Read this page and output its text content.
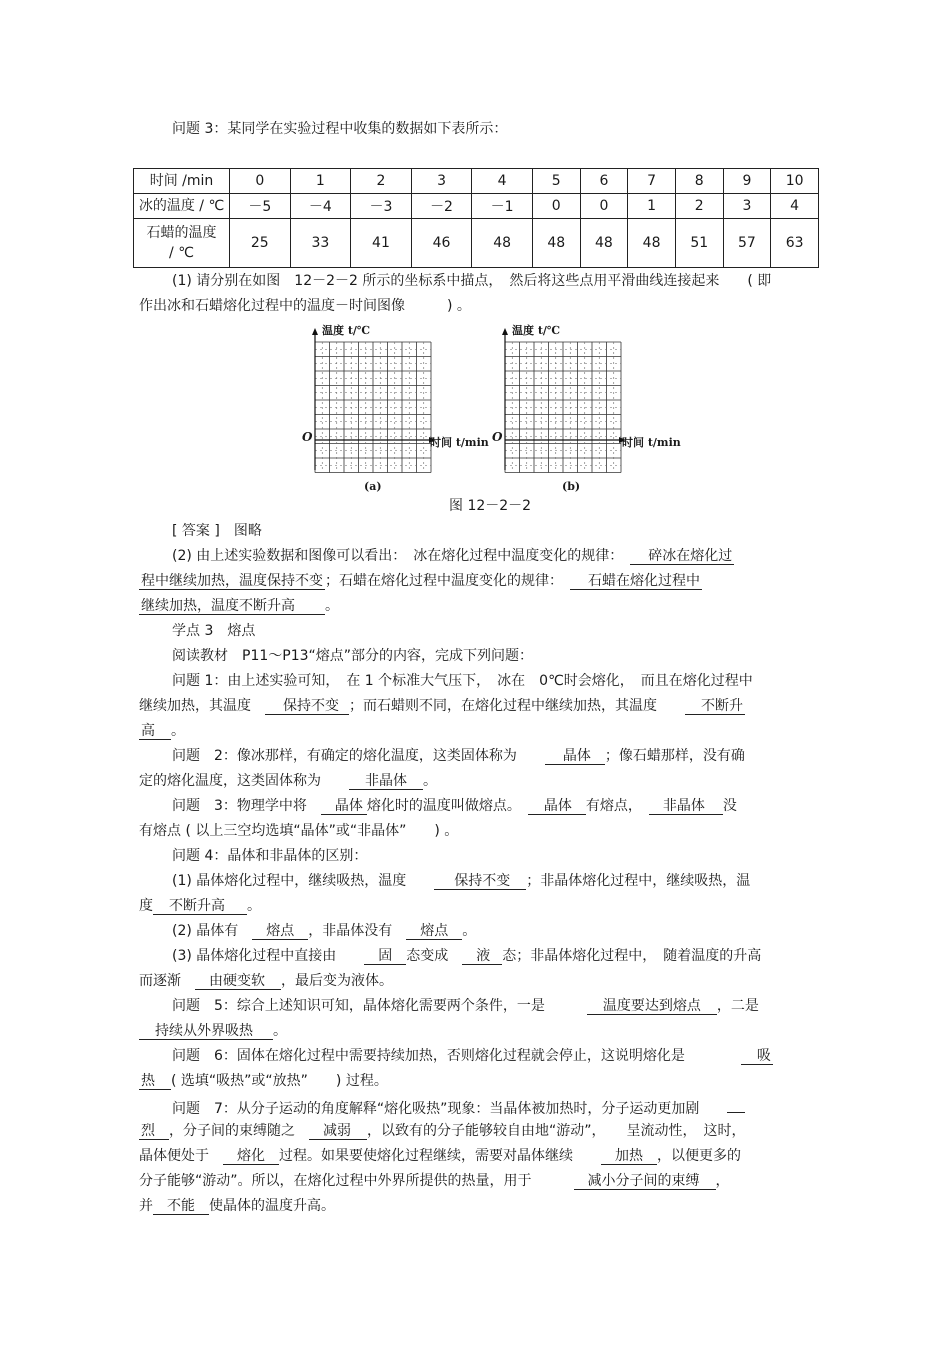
问题 3：某同学在实验过程中收集的数据如下表所示：
时间 /min	0	1	2	3	4	5	6	7	8	9	10
冰的温度 / ℃	－5	－4	－3	－2	－1	0	0	1	2	3	4
石蜡的温度
/ ℃	25	33	41	46	48	48	48	48	51	57	63
(1) 请分别在如图　12－2－2 所示的坐标系中描点，　然后将这些点用平滑曲线连接起来　　( 即
作出冰和石蜡熔化过程中的温度－时间图像　　　) 。
温度 t/℃
时间 t/min
O
(a)
温度 t/℃
时间 t/min
O
(b)
图 12－2－2
[ 答案 ]　图略
(2) 由上述实验数据和图像可以看出：　冰在熔化过程中温度变化的规律：　碎冰在熔化过
程中继续加热，温度保持不变 ；石蜡在熔化过程中温度变化的规律：　石蜡在熔化过程中
继续加热，温度不断升高 。
学点 3　熔点
阅读教材　P11～P13“熔点”部分的内容，完成下列问题：
问题 1：由上述实验可知，　在 1 个标准大气压下，　冰在　0℃时会熔化，　而且在熔化过程中
继续加热，其温度　保持不变 ；而石蜡则不同，在熔化过程中继续加热，其温度　　不断升
高 。
问题　2：像冰那样，有确定的熔化温度，这类固体称为　　晶体 ；像石蜡那样，没有确
定的熔化温度，这类固体称为　　非晶体 。
问题　3：物理学中将　晶体 熔化时的温度叫做熔点。　晶体 有熔点，　非晶体 没
有熔点 ( 以上三空均选填“晶体”或“非晶体”　　) 。
问题 4：晶体和非晶体的区别：
(1) 晶体熔化过程中，继续吸热，温度　　保持不变 ；非晶体熔化过程中，继续吸热，温
度 不断升高 。
(2) 晶体有　熔点 ，非晶体没有　熔点 。
(3) 晶体熔化过程中直接由　　固 态变成　液 态；非晶体熔化过程中，　随着温度的升高
而逐渐　由硬变软 ，最后变为液体。
问题　5：综合上述知识可知，晶体熔化需要两个条件，一是　　　温度要达到熔点 ，二是
持续从外界吸热 。
问题　6：固体在熔化过程中需要持续加热，否则熔化过程就会停止，这说明熔化是　　　　吸
热 ( 选填“吸热”或“放热”　　) 过程。
问题　7：从分子运动的角度解释“熔化吸热”现象：当晶体被加热时，分子运动更加剧　　
烈 ，分子间的束缚随之　减弱 ，以致有的分子能够较自由地“游动”，　　呈流动性，　这时，
晶体便处于　熔化 过程。如果要使熔化过程继续，需要对晶体继续　　加热 ，以便更多的
分子能够“游动”。所以，在熔化过程中外界所提供的热量，用于　　　减小分子间的束缚 ，
并 不能 使晶体的温度升高。
